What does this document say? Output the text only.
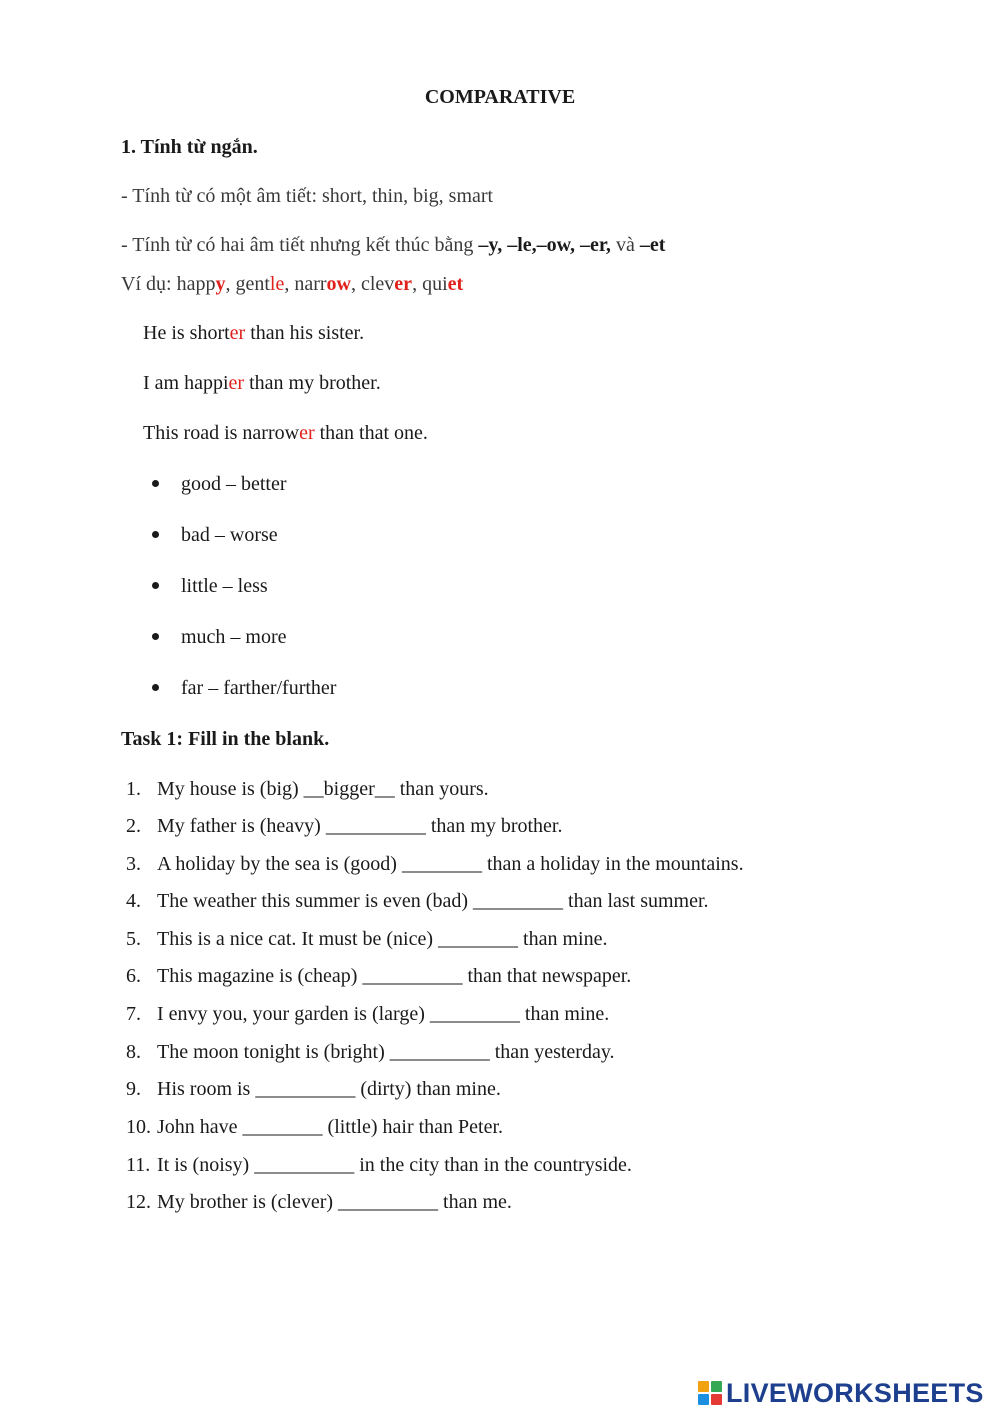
COMPARATIVE
1. Tính từ ngắn.
- Tính từ có một âm tiết: short, thin, big, smart
- Tính từ có hai âm tiết nhưng kết thúc bằng –y, –le,–ow, –er, và –et
Ví dụ: happy, gentle, narrow, clever, quiet
He is shorter than his sister.
I am happier than my brother.
This road is narrower than that one.
good – better
bad – worse
little – less
much – more
far – farther/further
Task 1: Fill in the blank.
1. My house is (big) __bigger__ than yours.
2. My father is (heavy) __________ than my brother.
3. A holiday by the sea is (good) ________ than a holiday in the mountains.
4. The weather this summer is even (bad) _________ than last summer.
5. This is a nice cat. It must be (nice) ________ than mine.
6. This magazine is (cheap) __________ than that newspaper.
7. I envy you, your garden is (large) _________ than mine.
8. The moon tonight is (bright) __________ than yesterday.
9. His room is __________ (dirty) than mine.
10. John have ________ (little) hair than Peter.
11. It is (noisy) __________ in the city than in the countryside.
12. My brother is (clever) __________ than me.
LIVEWORKSHEETS
